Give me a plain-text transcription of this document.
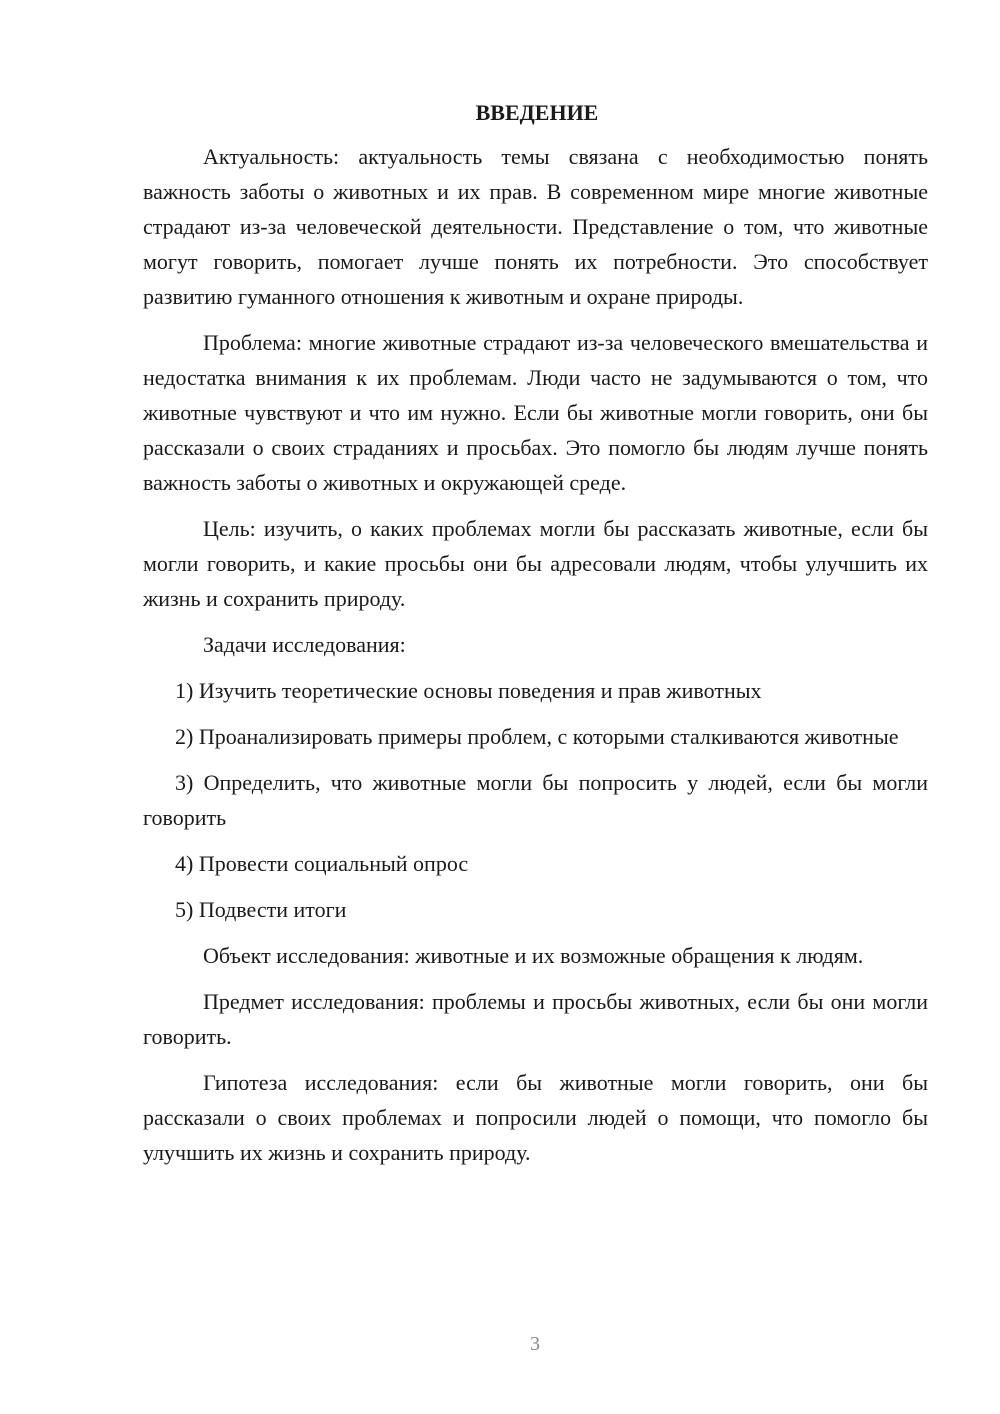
ВВЕДЕНИЕ

Актуальность: актуальность темы связана с необходимостью понять важность заботы о животных и их прав. В современном мире многие животные страдают из-за человеческой деятельности. Представление о том, что животные могут говорить, помогает лучше понять их потребности. Это способствует развитию гуманного отношения к животным и охране природы.

Проблема: многие животные страдают из-за человеческого вмешательства и недостатка внимания к их проблемам. Люди часто не задумываются о том, что животные чувствуют и что им нужно. Если бы животные могли говорить, они бы рассказали о своих страданиях и просьбах. Это помогло бы людям лучше понять важность заботы о животных и окружающей среде.

Цель: изучить, о каких проблемах могли бы рассказать животные, если бы могли говорить, и какие просьбы они бы адресовали людям, чтобы улучшить их жизнь и сохранить природу.

Задачи исследования:

1) Изучить теоретические основы поведения и прав животных
2) Проанализировать примеры проблем, с которыми сталкиваются животные
3) Определить, что животные могли бы попросить у людей, если бы могли говорить
4) Провести социальный опрос
5) Подвести итоги

Объект исследования: животные и их возможные обращения к людям.

Предмет исследования: проблемы и просьбы животных, если бы они могли говорить.

Гипотеза исследования: если бы животные могли говорить, они бы рассказали о своих проблемах и попросили людей о помощи, что помогло бы улучшить их жизнь и сохранить природу.

3
